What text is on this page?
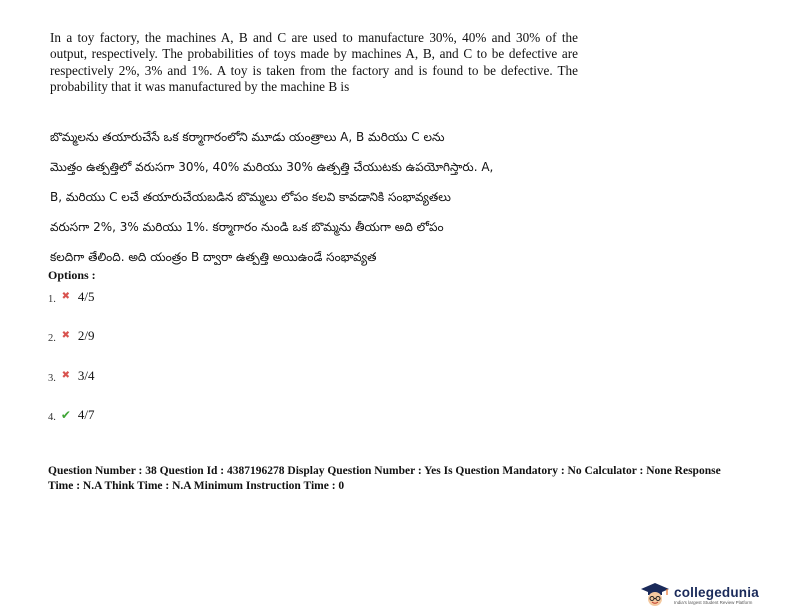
In a toy factory, the machines A, B and C are used to manufacture 30%, 40% and 30% of the output, respectively. The probabilities of toys made by machines A, B, and C to be defective are respectively 2%, 3% and 1%. A toy is taken from the factory and is found to be defective. The probability that it was manufactured by the machine B is
బొమ్మలను తయారుచేసే ఒక కర్మాగారంలోని మూడు యంత్రాలు A, B మరియు C లను
మొత్తం ఉత్పత్తిలో వరుసగా 30%, 40% మరియు 30% ఉత్పత్తి చేయుటకు ఉపయోగిస్తారు. A,
B, మరియు C లచే తయారుచేయబడిన బొమ్మలు లోపం కలవి కావడానికి సంభావ్యతలు
వరుసగా 2%, 3% మరియు 1%. కర్మాగారం నుండి ఒక బొమ్మను తీయగా అది లోపం
కలదిగా తేలింది. అది యంత్రం B ద్వారా ఉత్పత్తి అయిఉండే సంభావ్యత
Options :
1. ✖ 4/5
2. ✖ 2/9
3. ✖ 3/4
4. ✔ 4/7
Question Number : 38 Question Id : 4387196278 Display Question Number : Yes Is Question Mandatory : No Calculator : None Response
Time : N.A Think Time : N.A Minimum Instruction Time : 0
collegedunia
India's largest Student Review Platform
